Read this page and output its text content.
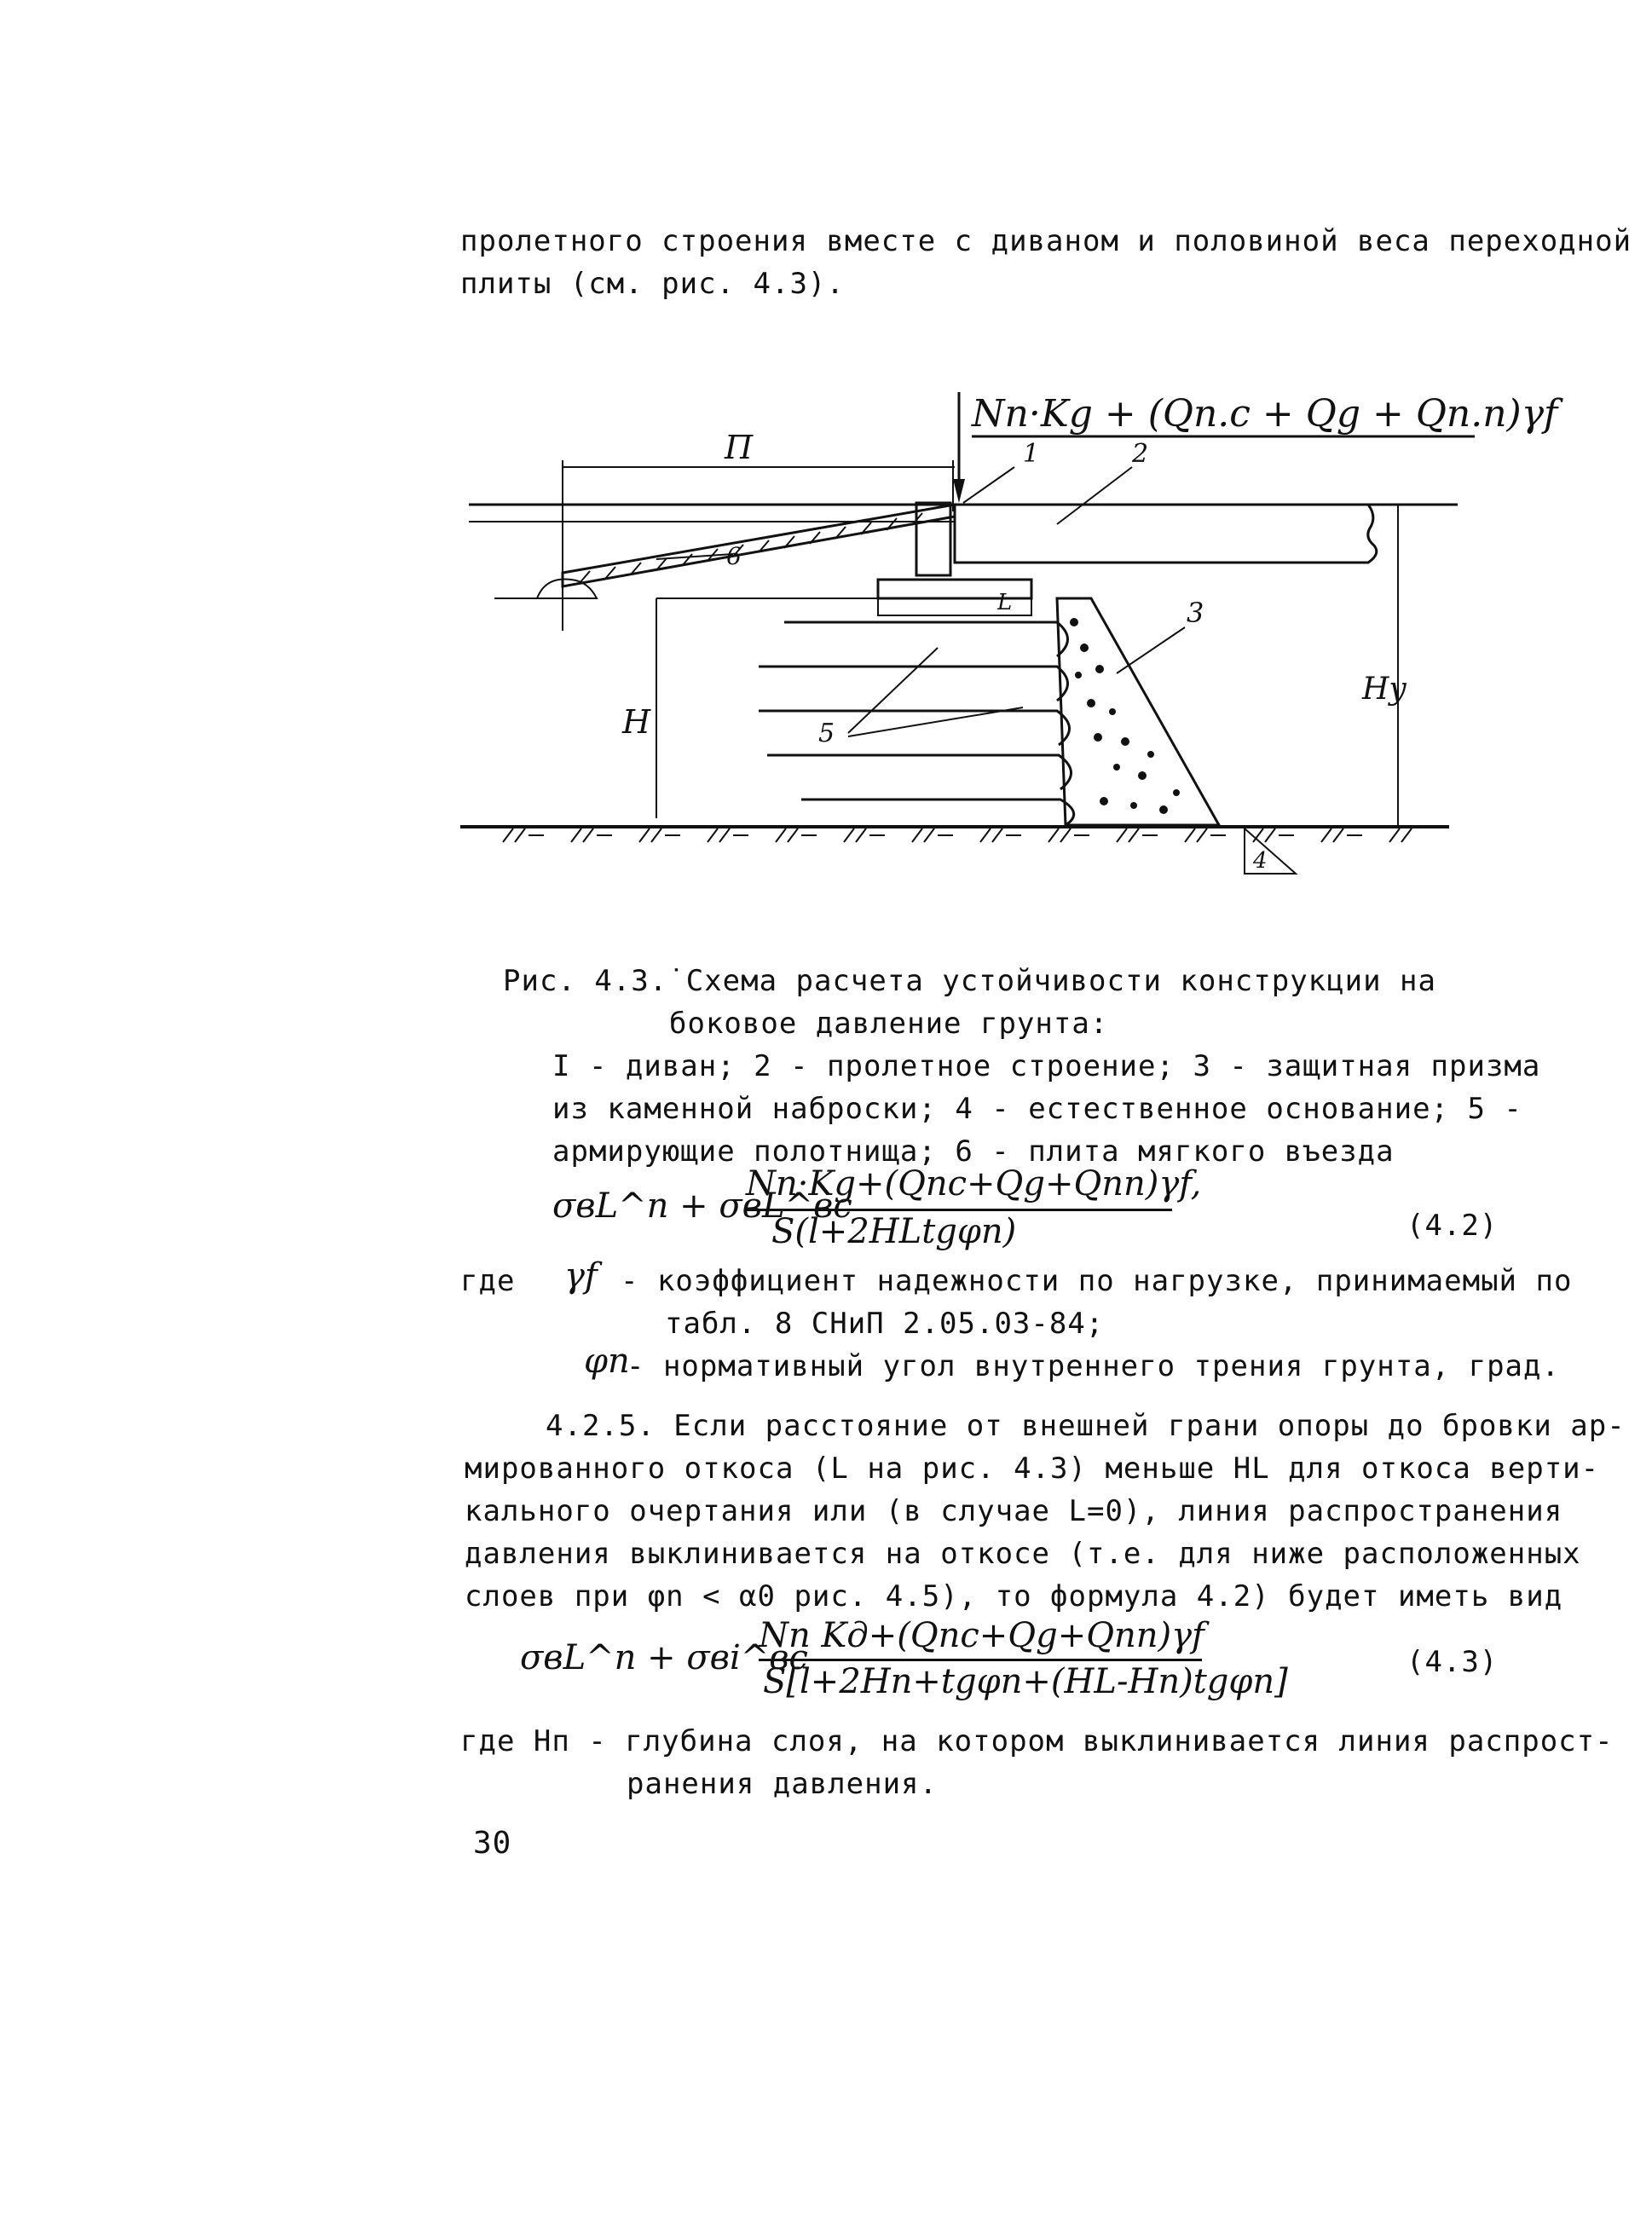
пролетного строения вместе с диваном и половиной веса переходной
плиты (см. рис. 4.3).
Nn·Kg + (Qп.с + Qg + Qп.п)γf
П
6
1	2
L
H	5
3
Hу
4
Рис. 4.3.˙Схема расчета устойчивости конструкции на
боковое давление грунта:
I - диван; 2 - пролетное строение; 3 - защитная призма
из каменной наброски; 4 - естественное основание; 5 -
армирующие полотнища; 6 - плита мягкого въезда
σвL^n + σвL^вс
Nn·Kg+(Qпс+Qg+Qпп)γf,
S(l+2HLtgφn)	(4.2)
где γf - коэффициент надежности по нагрузке, принимаемый по
табл. 8 СНиП 2.05.03-84;
φn
- нормативный угол внутреннего трения грунта, град.
4.2.5. Если расстояние от внешней грани опоры до бровки ар-
мированного откоса (L на рис. 4.3) меньше HL для откоса верти-
кального очертания или (в случае L=0), линия распространения
давления выклинивается на откосе (т.е. для ниже расположенных
слоев при φn < α0 рис. 4.5), то формула 4.2) будет иметь вид
σвL^n + σвi^вс
Nn Kд+(Qпс+Qg+Qпп)γf
S[l+2Hn+tgφn+(HL-Hn)tgφn]	(4.3)
где Hп - глубина слоя, на котором выклинивается линия распрост-
ранения давления.
30
